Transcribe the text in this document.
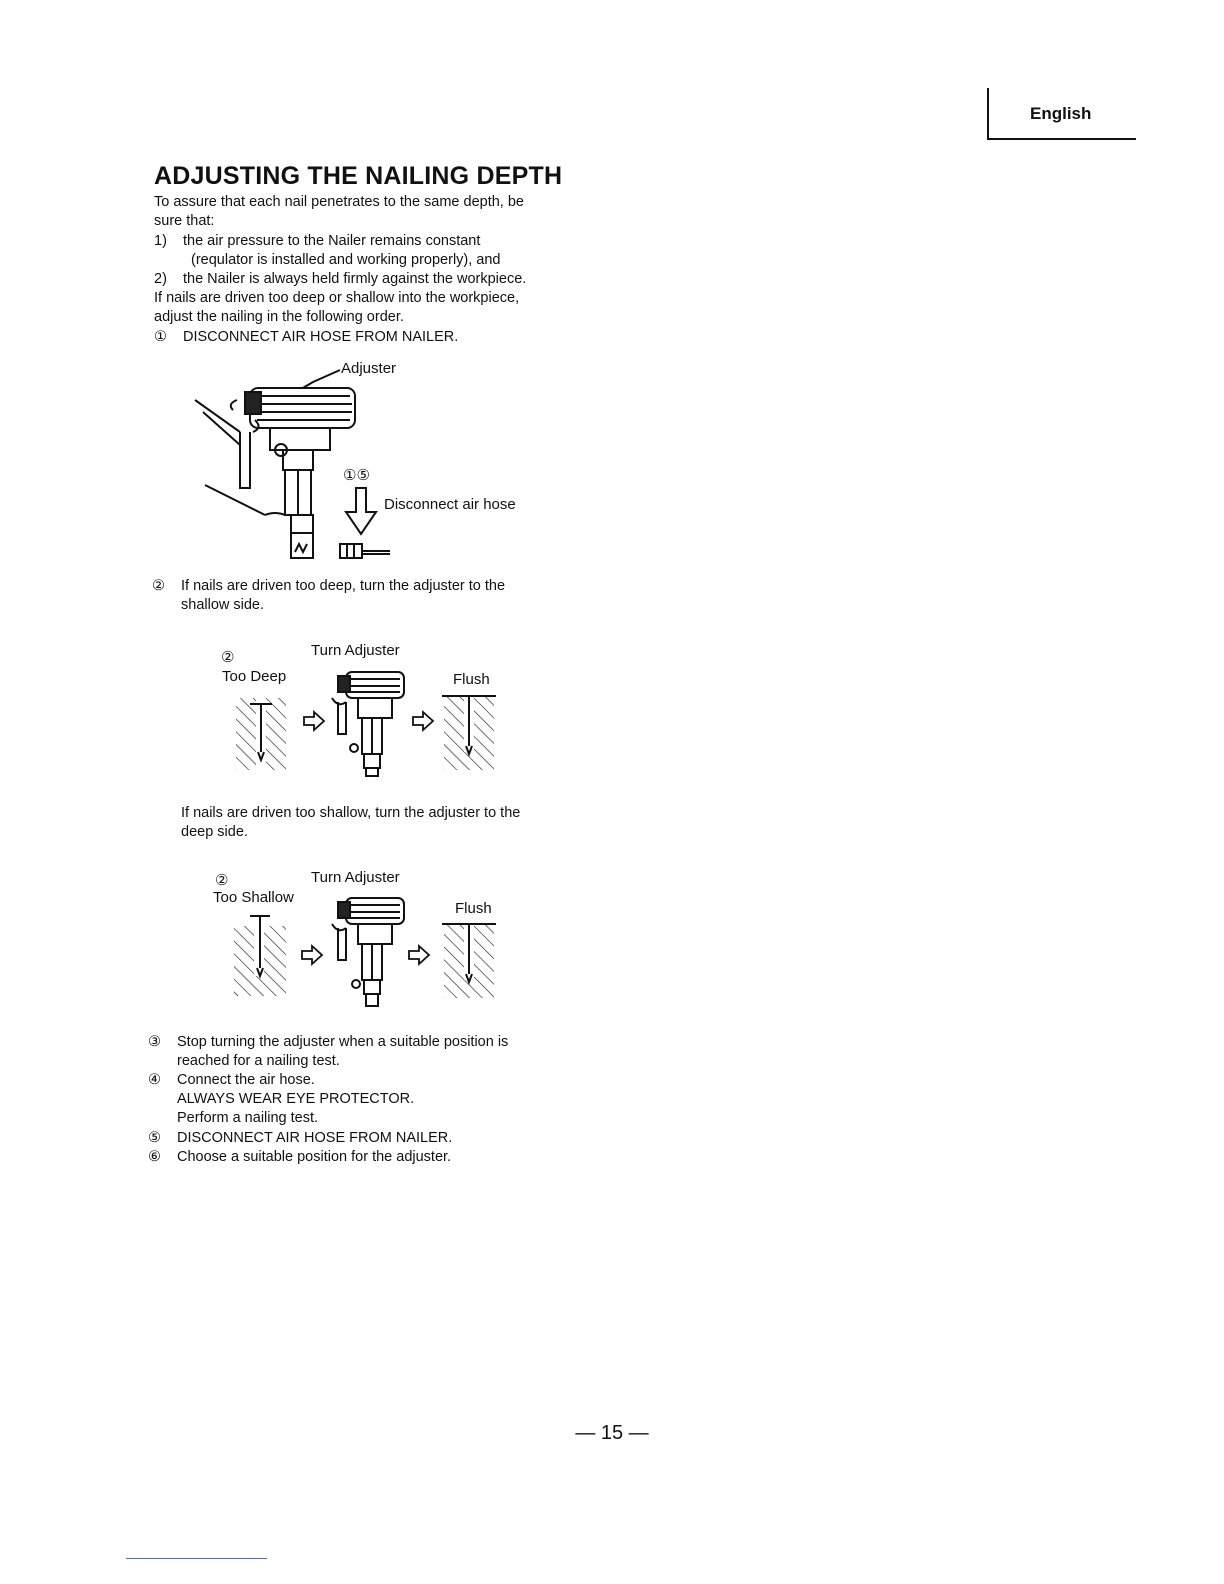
English
ADJUSTING THE NAILING DEPTH
To assure that each nail penetrates to the same depth, be
sure that:
1) the air pressure to the Nailer remains constant
(requlator is installed and working properly), and
2) the Nailer is always held firmly against the workpiece.
If nails are driven too deep or shallow into the workpiece,
adjust the nailing in the following order.
① DISCONNECT AIR HOSE FROM NAILER.
Adjuster
①⑤
Disconnect air hose
② If nails are driven too deep, turn the adjuster to the
shallow side.
②	Turn Adjuster
Too Deep	Flush
If nails are driven too shallow, turn the adjuster to the
deep side.
②	Turn Adjuster
Too Shallow
Flush
③ Stop turning the adjuster when a suitable position is
reached for a nailing test.
④ Connect the air hose.
ALWAYS WEAR EYE PROTECTOR.
Perform a nailing test.
⑤ DISCONNECT AIR HOSE FROM NAILER.
⑥ Choose a suitable position for the adjuster.
— 15 —
